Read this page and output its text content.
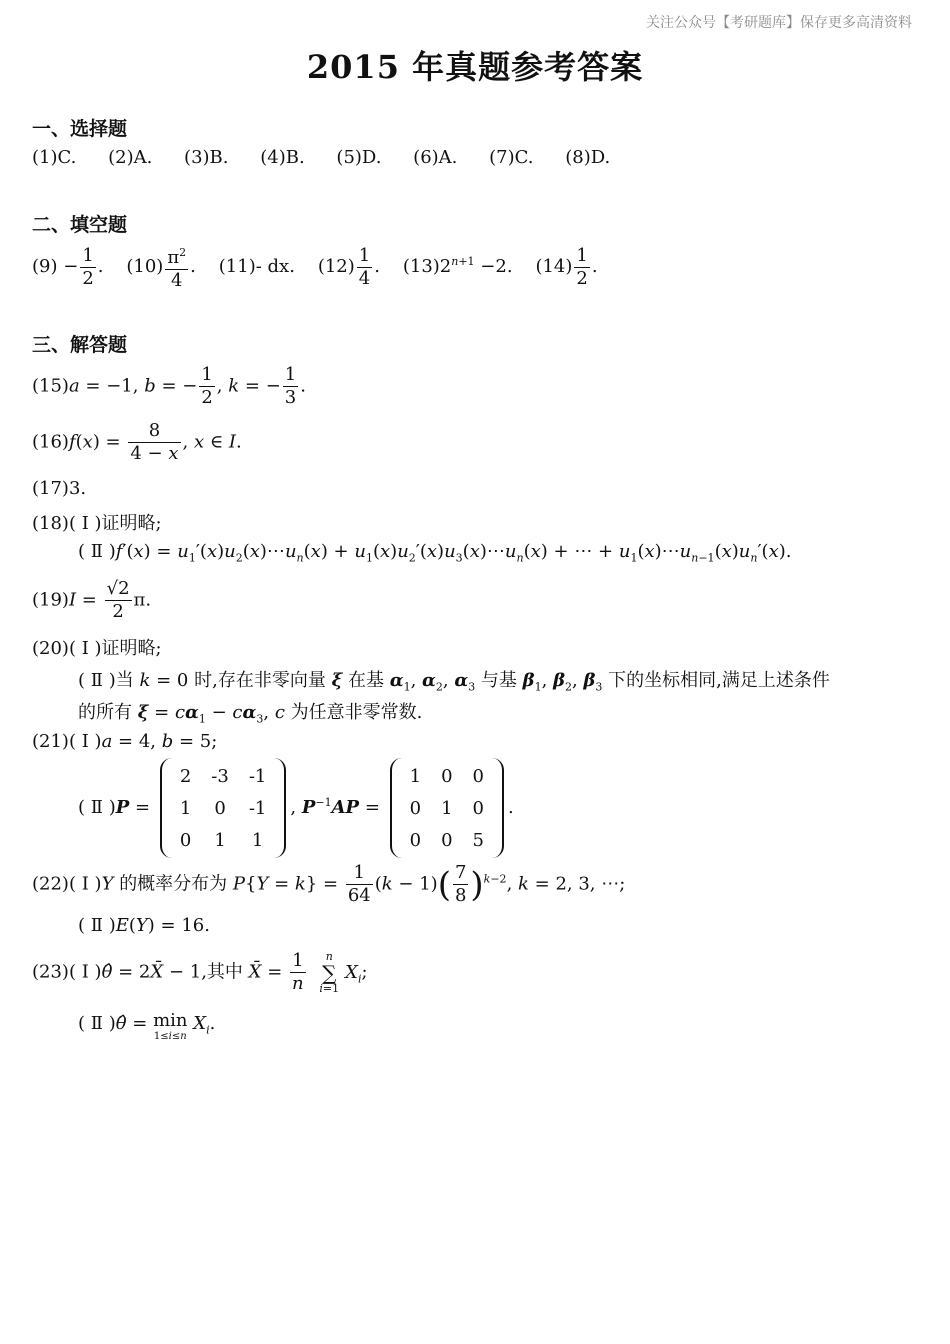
关注公众号【考研题库】保存更多高清资料
2015 年真题参考答案
一、选择题
(1)C. (2)A. (3)B. (4)B. (5)D. (6)A. (7)C. (8)D.
二、填空题
$(9) - \frac{1}{2}$ .    $(10) \frac{\pi^2}{4}$ .    (11)- dx. $(12) \frac{1}{4}$ .    $(13)2^{n+1} -2$.    $(14) \frac{1}{2}$ .
三、解答题
(15)a = −1, b = − $\frac{1}{2}$ , k = − $\frac{1}{3}$ .
$(16)f(x) = \frac{8}{4 - x}$ , x ∈ I.
(17)3.
(18)( Ⅰ )证明略;
( Ⅱ )$f'(x) = u_1'(x)u_2(x)\cdots u_n(x)$ + $u_1(x)u_2'(x)u_3(x)\cdots u_n(x)$ + ⋯ + $u_1(x)\cdots u_{n-1}(x)u_n'(x)$.
$(19)I = \frac{√2}{2} \pi$.
(20)( Ⅰ )证明略;
( Ⅱ )当 k = 0 时,存在非零向量 ξ 在基 $\alpha_1$, $\alpha_2$, $\alpha_3$ 与基 $\beta_1$, $\beta_2$, $\beta_3$ 下的坐标相同,满足上述条件
的所有 $\xi = c\alpha_1 - c\alpha_3$, c 为任意非零常数.
(21)( Ⅰ )a = 4, b = 5;
( Ⅱ )P =
2	-3	-1
1	0	-1
0	1	1
, $P^{-1}AP$ =
1	0	0
0	1	0
0	0	5
.
(22)( Ⅰ )Y 的概率分布为 $P\{Y = k\} = \frac{1}{64} (k - 1)( \frac{7}{8} )^{k-2}$, k = 2, 3, ⋯;
( Ⅱ )E(Y) = 16.
(23)( Ⅰ )θ̂ = 2X̄ − 1,其中 X̄ = $\frac{1}{n}$
	n
∑
i=1
$X_i$;
( Ⅱ )θ̂ = min
1≤i≤n
$X_i$.
